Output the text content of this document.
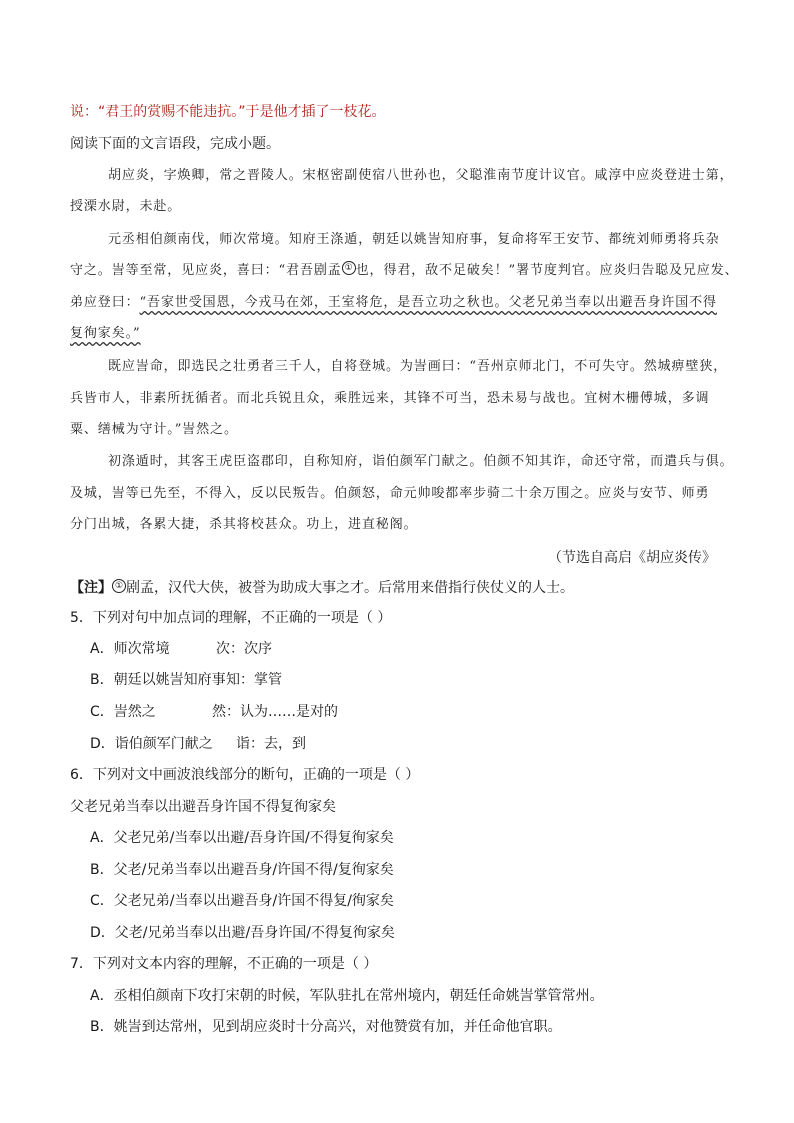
说：“君王的赏赐不能违抗。”于是他才插了一枝花。
阅读下面的文言语段，完成小题。
胡应炎，字焕卿，常之晋陵人。宋枢密副使宿八世孙也，父聪淮南节度计议官。咸淳中应炎登进士第，
授溧水尉，未赴。
元丞相伯颜南伐，师次常境。知府王涤遁，朝廷以姚訔知府事，复命将军王安节、都统刘师勇将兵杂
守之。訔等至常，见应炎，喜曰：“君吾剧孟 ① 也，得君，敌不足破矣！”署节度判官。应炎归告聪及兄应发、
弟应登曰：“吾家世受国恩，今戎马在郊，王室将危，是吾立功之秋也。父老兄弟当奉以出避吾身许国不得
复徇家矣。”
既应訔命，即选民之壮勇者三千人，自将登城。为訔画曰：“吾州京师北门，不可失守。然城痹壁狭，
兵皆市人，非素所抚循者。而北兵锐且众，乘胜远来，其锋不可当，恐未易与战也。宜树木栅傅城，多调
粟、缮械为守计。”訔然之。
初涤遁时，其客王虎臣盗郡印，自称知府，诣伯颜军门献之。伯颜不知其诈，命还守常，而遣兵与俱。
及城，訔等已先至，不得入，反以民叛告。伯颜怒，命元帅唆都率步骑二十余万围之。应炎与安节、师勇
分门出城，各累大捷，杀其将校甚众。功上，进直秘阁。
（节选自高启《胡应炎传》
【注】 ① 剧孟，汉代大侠，被誉为助成大事之才。后常用来借指行侠仗义的人士。
5．下列对句中加点词的理解，不正确的一项是（ ）
A．师次常境	次：次序
B．朝廷以姚訔知府事知：掌管
C．訔然之	然：认为……是对的
D．诣伯颜军门献之 诣：去，到
6．下列对文中画波浪线部分的断句，正确的一项是（ ）
父老兄弟当奉以出避吾身许国不得复徇家矣
A．父老兄弟/当奉以出避/吾身许国/不得复徇家矣
B．父老/兄弟当奉以出避吾身/许国不得/复徇家矣
C．父老兄弟/当奉以出避吾身/许国不得复/徇家矣
D．父老/兄弟当奉以出避/吾身许国/不得复徇家矣
7．下列对文本内容的理解，不正确的一项是（ ）
A．丞相伯颜南下攻打宋朝的时候，军队驻扎在常州境内，朝廷任命姚訔掌管常州。
B．姚訔到达常州，见到胡应炎时十分高兴，对他赞赏有加，并任命他官职。
